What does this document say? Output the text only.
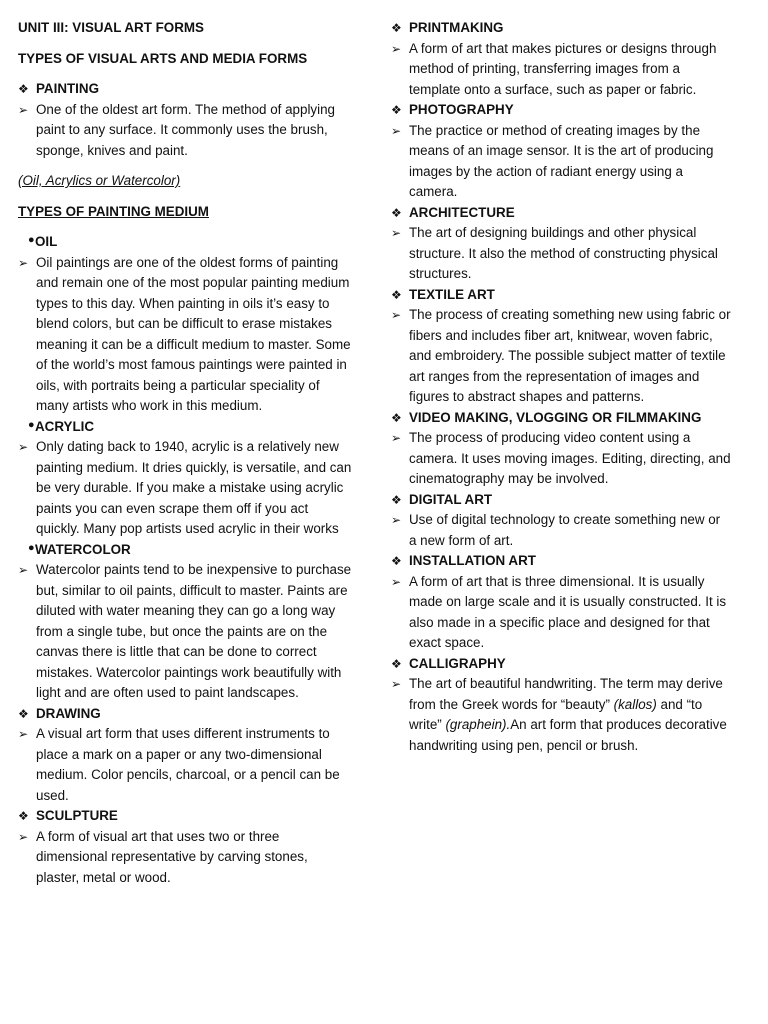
UNIT III: VISUAL ART FORMS
TYPES OF VISUAL ARTS AND MEDIA FORMS
❖ PAINTING
➢ One of the oldest art form. The method of applying paint to any surface. It commonly uses the brush, sponge, knives and paint.
(Oil, Acrylics or Watercolor)
TYPES OF PAINTING MEDIUM
• OIL
➢ Oil paintings are one of the oldest forms of painting and remain one of the most popular painting medium types to this day. When painting in oils it’s easy to blend colors, but can be difficult to erase mistakes meaning it can be a difficult medium to master. Some of the world’s most famous paintings were painted in oils, with portraits being a particular speciality of many artists who work in this medium.
• ACRYLIC
➢ Only dating back to 1940, acrylic is a relatively new painting medium. It dries quickly, is versatile, and can be very durable. If you make a mistake using acrylic paints you can even scrape them off if you act quickly. Many pop artists used acrylic in their works
• WATERCOLOR
➢ Watercolor paints tend to be inexpensive to purchase but, similar to oil paints, difficult to master. Paints are diluted with water meaning they can go a long way from a single tube, but once the paints are on the canvas there is little that can be done to correct mistakes. Watercolor paintings work beautifully with light and are often used to paint landscapes.
❖ DRAWING
➢ A visual art form that uses different instruments to place a mark on a paper or any two-dimensional medium. Color pencils, charcoal, or a pencil can be used.
❖ SCULPTURE
➢ A form of visual art that uses two or three dimensional representative by carving stones, plaster, metal or wood.
❖ PRINTMAKING
➢ A form of art that makes pictures or designs through method of printing, transferring images from a template onto a surface, such as paper or fabric.
❖ PHOTOGRAPHY
➢ The practice or method of creating images by the means of an image sensor. It is the art of producing images by the action of radiant energy using a camera.
❖ ARCHITECTURE
➢ The art of designing buildings and other physical structure. It also the method of constructing physical structures.
❖ TEXTILE ART
➢ The process of creating something new using fabric or fibers and includes fiber art, knitwear, woven fabric, and embroidery. The possible subject matter of textile art ranges from the representation of images and figures to abstract shapes and patterns.
❖ VIDEO MAKING, VLOGGING OR FILMMAKING
➢ The process of producing video content using a camera. It uses moving images. Editing, directing, and cinematography may be involved.
❖ DIGITAL ART
➢ Use of digital technology to create something new or a new form of art.
❖ INSTALLATION ART
➢ A form of art that is three dimensional. It is usually made on large scale and it is usually constructed. It is also made in a specific place and designed for that exact space.
❖ CALLIGRAPHY
➢ The art of beautiful handwriting. The term may derive from the Greek words for “beauty” (kallos) and “to write” (graphein).An art form that produces decorative handwriting using pen, pencil or brush.
